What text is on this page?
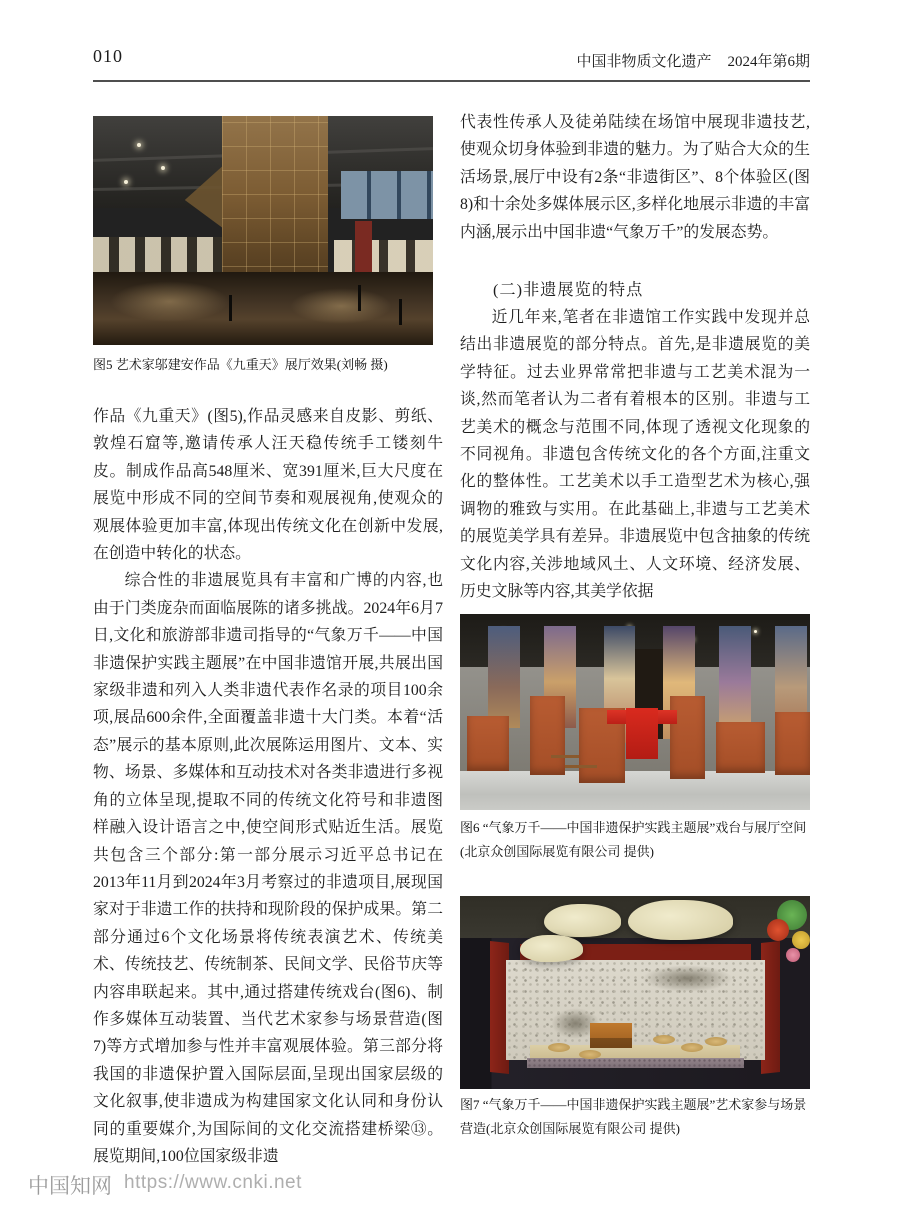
010	中国非物质文化遗产 2024年第6期
图5 艺术家邬建安作品《九重天》展厅效果(刘畅 摄)

作品《九重天》(图5),作品灵感来自皮影、剪纸、敦煌石窟等,邀请传承人汪天稳传统手工镂刻牛皮。制成作品高548厘米、宽391厘米,巨大尺度在展览中形成不同的空间节奏和观展视角,使观众的观展体验更加丰富,体现出传统文化在创新中发展,在创造中转化的状态。

综合性的非遗展览具有丰富和广博的内容,也由于门类庞杂而面临展陈的诸多挑战。2024年6月7日,文化和旅游部非遗司指导的“气象万千——中国非遗保护实践主题展”在中国非遗馆开展,共展出国家级非遗和列入人类非遗代表作名录的项目100余项,展品600余件,全面覆盖非遗十大门类。本着“活态”展示的基本原则,此次展陈运用图片、文本、实物、场景、多媒体和互动技术对各类非遗进行多视角的立体呈现,提取不同的传统文化符号和非遗图样融入设计语言之中,使空间形式贴近生活。展览共包含三个部分:第一部分展示习近平总书记在2013年11月到2024年3月考察过的非遗项目,展现国家对于非遗工作的扶持和现阶段的保护成果。第二部分通过6个文化场景将传统表演艺术、传统美术、传统技艺、传统制茶、民间文学、民俗节庆等内容串联起来。其中,通过搭建传统戏台(图6)、制作多媒体互动装置、当代艺术家参与场景营造(图7)等方式增加参与性并丰富观展体验。第三部分将我国的非遗保护置入国际层面,呈现出国家层级的文化叙事,使非遗成为构建国家文化认同和身份认同的重要媒介,为国际间的文化交流搭建桥梁⑬。展览期间,100位国家级非遗

代表性传承人及徒弟陆续在场馆中展现非遗技艺,使观众切身体验到非遗的魅力。为了贴合大众的生活场景,展厅中设有2条“非遗街区”、8个体验区(图8)和十余处多媒体展示区,多样化地展示非遗的丰富内涵,展示出中国非遗“气象万千”的发展态势。

(二)非遗展览的特点

近几年来,笔者在非遗馆工作实践中发现并总结出非遗展览的部分特点。首先,是非遗展览的美学特征。过去业界常常把非遗与工艺美术混为一谈,然而笔者认为二者有着根本的区别。非遗与工艺美术的概念与范围不同,体现了透视文化现象的不同视角。非遗包含传统文化的各个方面,注重文化的整体性。工艺美术以手工造型艺术为核心,强调物的雅致与实用。在此基础上,非遗与工艺美术的展览美学具有差异。非遗展览中包含抽象的传统文化内容,关涉地域风土、人文环境、经济发展、历史文脉等内容,其美学依据

图6 “气象万千——中国非遗保护实践主题展”戏台与展厅空间(北京众创国际展览有限公司 提供)
图7 “气象万千——中国非遗保护实践主题展”艺术家参与场景营造(北京众创国际展览有限公司 提供)
中国知网 https://www.cnki.net
